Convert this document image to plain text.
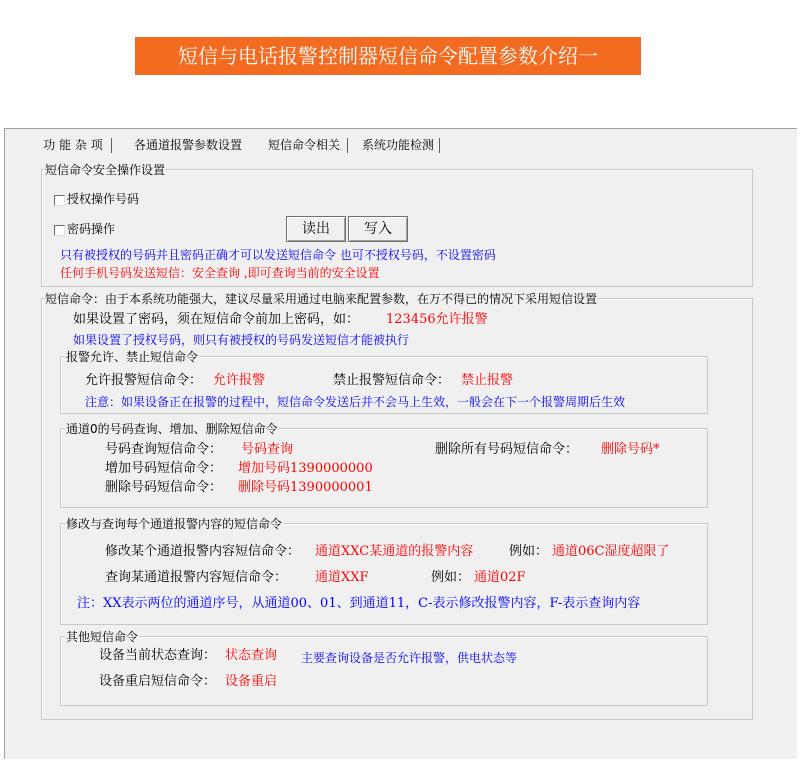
短信与电话报警控制器短信命令配置参数介绍一
功 能 杂 项	各通道报警参数设置	短信命令相关	系统功能检测
短信命令安全操作设置
授权操作号码
密码操作	读出	写入
只有被授权的号码并且密码正确才可以发送短信命令 也可不授权号码，不设置密码
任何手机号码发送短信：安全查询 ,即可查询当前的安全设置
短信命令：由于本系统功能强大，建议尽量采用通过电脑来配置参数，在万不得已的情况下采用短信设置
如果设置了密码，须在短信命令前加上密码，如： 123456允许报警
如果设置了授权号码，则只有被授权的号码发送短信才能被执行
报警允许、禁止短信命令
允许报警短信命令： 允许报警	禁止报警短信命令： 禁止报警
注意：如果设备正在报警的过程中，短信命令发送后并不会马上生效，一般会在下一个报警周期后生效
通道0的号码查询、增加、删除短信命令
号码查询短信命令： 号码查询	删除所有号码短信命令： 删除号码*
增加号码短信命令： 增加号码1390000000
删除号码短信命令： 删除号码1390000001
修改与查询每个通道报警内容的短信命令
修改某个通道报警内容短信命令： 通道XXC某通道的报警内容	例如： 通道06C湿度超限了
查询某通道报警内容短信命令： 通道XXF	例如： 通道02F
注：XX表示两位的通道序号，从通道00、01、到通道11，C-表示修改报警内容，F-表示查询内容
其他短信命令
设备当前状态查询： 状态查询 主要查询设备是否允许报警，供电状态等
设备重启短信命令： 设备重启
